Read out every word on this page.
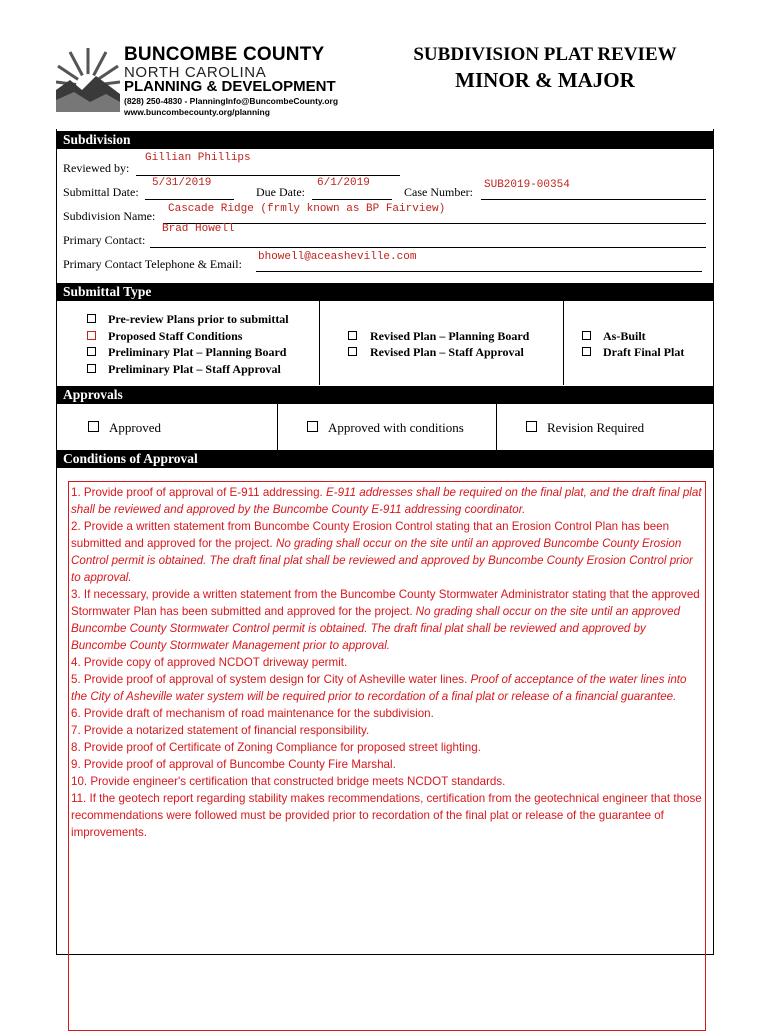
BUNCOMBE COUNTY
NORTH CAROLINA
PLANNING & DEVELOPMENT
(828) 250-4830 - PlanningInfo@BuncombeCounty.org
www.buncombecounty.org/planning
SUBDIVISION PLAT REVIEW
MINOR & MAJOR
Subdivision
Reviewed by:
Gillian Phillips
Submittal Date:
5/31/2019
Due Date:
6/1/2019
Case Number: SUB2019-00354
Subdivision Name: Cascade Ridge (frmly known as BP Fairview)
Primary Contact:
Brad Howell
Primary Contact Telephone & Email: bhowell@aceasheville.com
Submittal Type
Pre-review Plans prior to submittal
Proposed Staff Conditions
Preliminary Plat – Planning Board
Preliminary Plat – Staff Approval
Revised Plan – Planning Board
Revised Plan – Staff Approval
As-Built
Draft Final Plat
Approvals
Approved	Approved with conditions	Revision Required
Conditions of Approval

1. Provide proof of approval of E-911 addressing. E-911 addresses shall be required on the final plat, and the draft final plat shall be reviewed and approved by the Buncombe County E-911 addressing coordinator.

2. Provide a written statement from Buncombe County Erosion Control stating that an Erosion Control Plan has been submitted and approved for the project. No grading shall occur on the site until an approved Buncombe County Erosion Control permit is obtained. The draft final plat shall be reviewed and approved by Buncombe County Erosion Control prior to approval.

3. If necessary, provide a written statement from the Buncombe County Stormwater Administrator stating that the approved Stormwater Plan has been submitted and approved for the project. No grading shall occur on the site until an approved Buncombe County Stormwater Control permit is obtained. The draft final plat shall be reviewed and approved by Buncombe County Stormwater Management prior to approval.

4. Provide copy of approved NCDOT driveway permit.

5. Provide proof of approval of system design for City of Asheville water lines. Proof of acceptance of the water lines into the City of Asheville water system will be required prior to recordation of a final plat or release of a financial guarantee.

6. Provide draft of mechanism of road maintenance for the subdivision.

7. Provide a notarized statement of financial responsibility.

8. Provide proof of Certificate of Zoning Compliance for proposed street lighting.

9. Provide proof of approval of Buncombe County Fire Marshal.

10. Provide engineer's certification that constructed bridge meets NCDOT standards.

11. If the geotech report regarding stability makes recommendations, certification from the geotechnical engineer that those recommendations were followed must be provided prior to recordation of the final plat or release of the guarantee of improvements.
